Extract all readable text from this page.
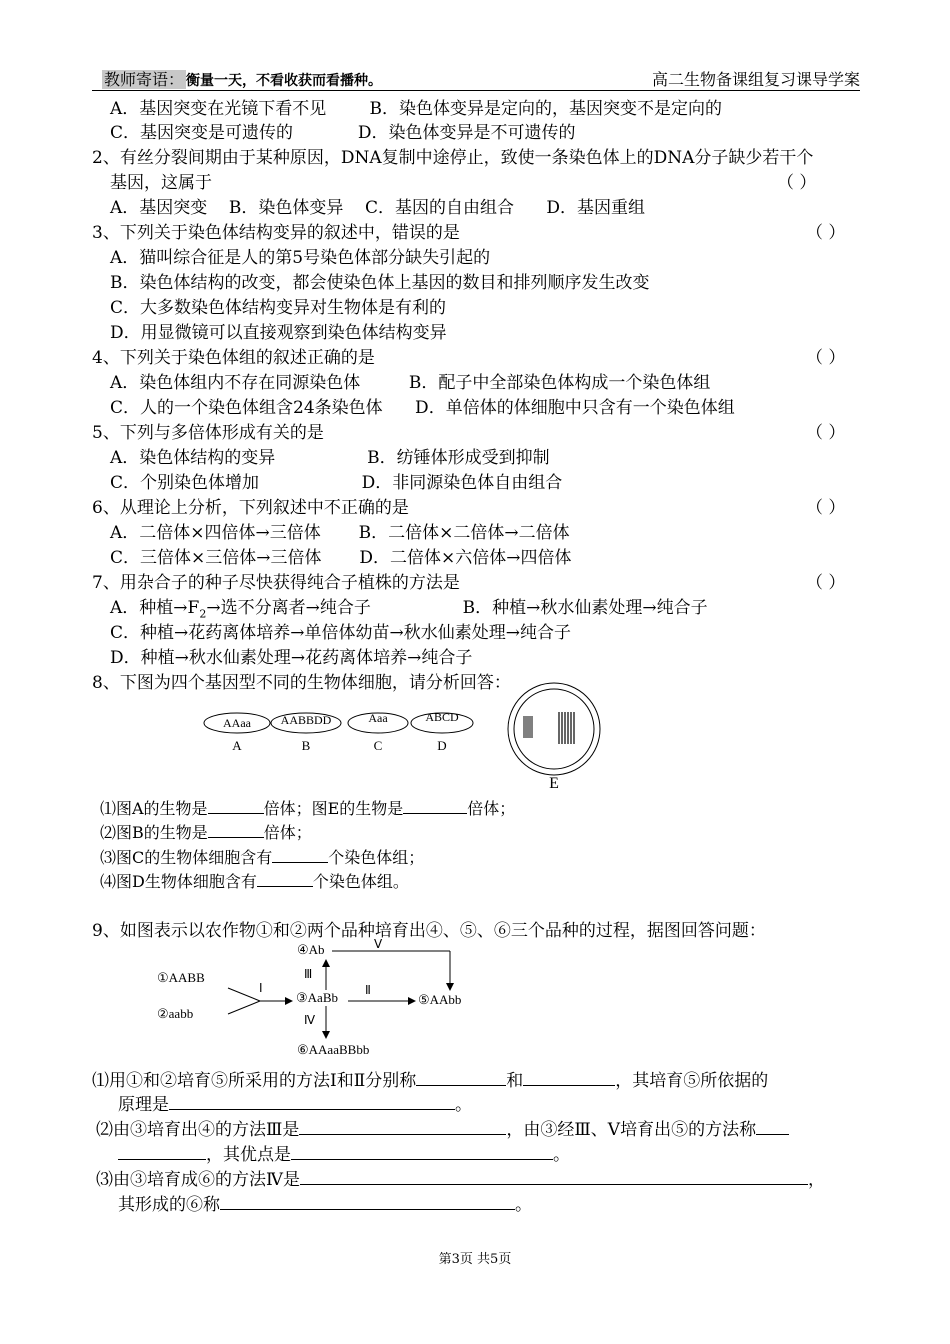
教师寄语： 衡量一天，不看收获而看播种。	高二生物备课组复习课导学案
A．基因突变在光镜下看不见        B．染色体变异是定向的，基因突变不是定向的
C．基因突变是可遗传的            D．染色体变异是不可遗传的
2、有丝分裂间期由于某种原因，DNA复制中途停止，致使一条染色体上的DNA分子缺少若干个
基因，这属于	（ ）
A．基因突变    B．染色体变异    C．基因的自由组合      D．基因重组
3、下列关于染色体结构变异的叙述中，错误的是	（ ）
A．猫叫综合征是人的第5号染色体部分缺失引起的
B．染色体结构的改变，都会使染色体上基因的数目和排列顺序发生改变
C．大多数染色体结构变异对生物体是有利的
D．用显微镜可以直接观察到染色体结构变异
4、下列关于染色体组的叙述正确的是	（ ）
A．染色体组内不存在同源染色体         B．配子中全部染色体构成一个染色体组
C．人的一个染色体组含24条染色体      D．单倍体的体细胞中只含有一个染色体组
5、下列与多倍体形成有关的是	（ ）
A．染色体结构的变异                 B．纺锤体形成受到抑制
C．个别染色体增加                   D．非同源染色体自由组合
6、从理论上分析，下列叙述中不正确的是	（ ）
A．二倍体×四倍体→三倍体       B．二倍体×二倍体→二倍体
C．三倍体×三倍体→三倍体       D．二倍体×六倍体→四倍体
7、用杂合子的种子尽快获得纯合子植株的方法是	（ ）
A．种植$\to F_2\to$选不分离者→纯合子                 B．种植→秋水仙素处理→纯合子
C．种植→花药离体培养→单倍体幼苗→秋水仙素处理→纯合子
D．种植→秋水仙素处理→花药离体培养→纯合子
8、下图为四个基因型不同的生物体细胞，请分析回答：
AAaa
A
AABBDD
B
Aaa
C
ABCD
D
E
⑴图A的生物是	倍体；图E的生物是	倍体；
⑵图B的生物是	倍体；
⑶图C的生物体细胞含有	个染色体组；
⑷图D生物体细胞含有	个染色体组。
9、如图表示以农作物①和②两个品种培育出④、⑤、⑥三个品种的过程，据图回答问题：
①AABB
②aabb
Ⅰ
③AaBb Ⅱ
⑤AAbb
Ⅲ
④Ab	Ⅴ
Ⅳ
⑥AAaaBBbb
⑴用①和②培育⑤所采用的方法Ⅰ和Ⅱ分别称	和	，其培育⑤所依据的
原理是	。
⑵由③培育出④的方法Ⅲ是	，由③经Ⅲ、Ⅴ培育出⑤的方法称
，其优点是	。
⑶由③培育成⑥的方法Ⅳ是	，
其形成的⑥称	。
第3页 共5页
